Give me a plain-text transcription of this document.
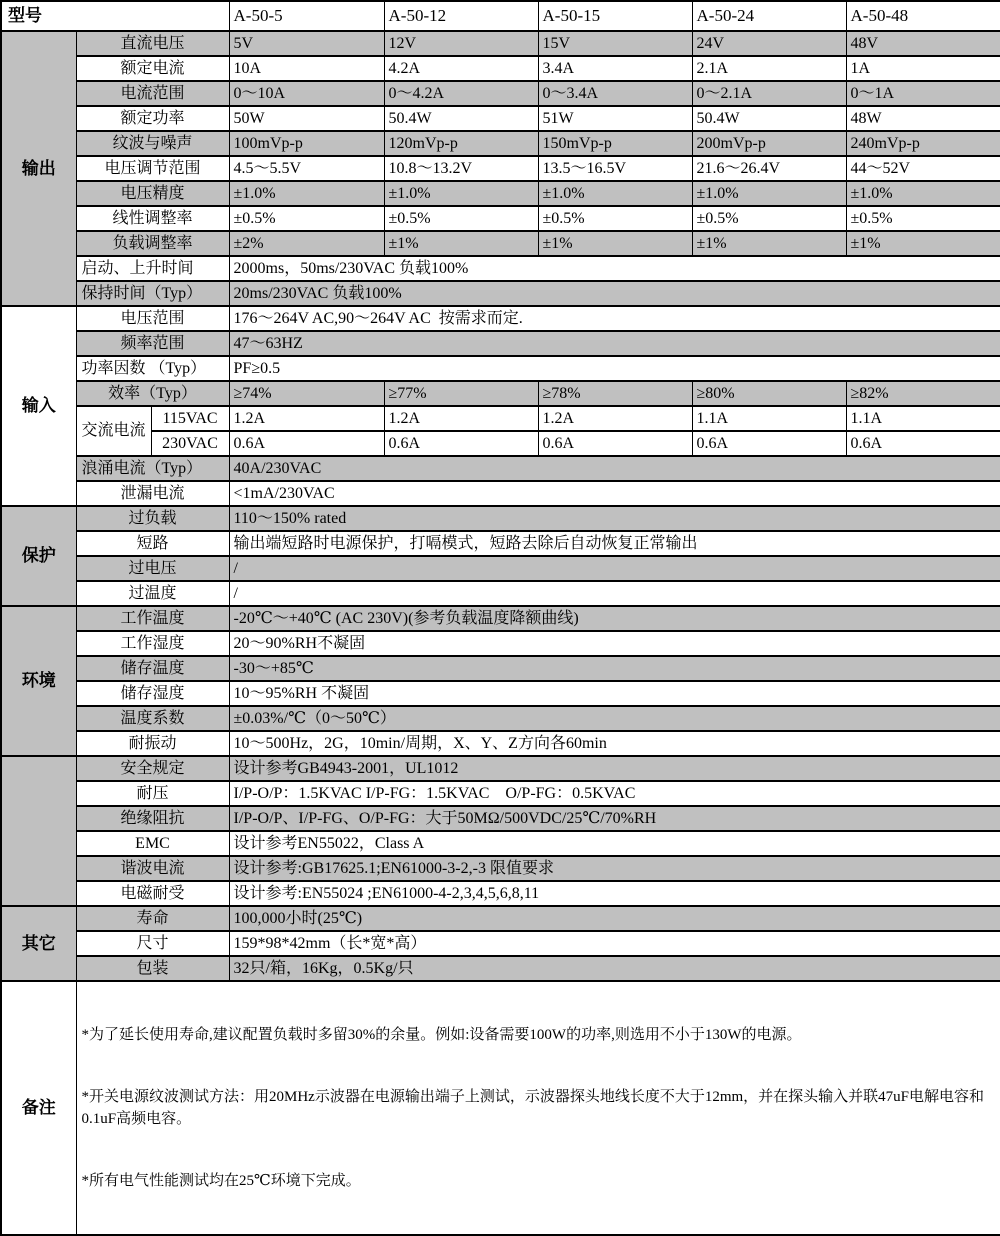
型号			A-50-5	A-50-12	A-50-15	A-50-24	A-50-48
输出	直流电压		5V	12V	15V	24V	48V
	额定电流		10A	4.2A	3.4A	2.1A	1A
	电流范围		0～10A	0～4.2A	0～3.4A	0～2.1A	0～1A
	额定功率		50W	50.4W	51W	50.4W	48W
	纹波与噪声		100mVp-p	120mVp-p	150mVp-p	200mVp-p	240mVp-p
	电压调节范围		4.5～5.5V	10.8～13.2V	13.5～16.5V	21.6～26.4V	44～52V
	电压精度		±1.0%	±1.0%	±1.0%	±1.0%	±1.0%
	线性调整率		±0.5%	±0.5%	±0.5%	±0.5%	±0.5%
	负载调整率		±2%	±1%	±1%	±1%	±1%
	启动、上升时间		2000ms，50ms/230VAC 负载100%				
	保持时间（Typ）		20ms/230VAC 负载100%				
输入	电压范围		176～264V AC,90～264V AC  按需求而定.				
	频率范围		47～63HZ				
	功率因数 （Typ）		PF≥0.5				
	效率（Typ）		≥74%	≥77%	≥78%	≥80%	≥82%
	交流电流	115VAC	1.2A	1.2A	1.2A	1.1A	1.1A
		230VAC	0.6A	0.6A	0.6A	0.6A	0.6A
	浪涌电流（Typ）		40A/230VAC				
	泄漏电流		<1mA/230VAC				
保护	过负载		110～150% rated				
	短路		输出端短路时电源保护，打嗝模式，短路去除后自动恢复正常输出				
	过电压		/				
	过温度		/				
环境	工作温度		-20℃～+40℃ (AC 230V)(参考负载温度降额曲线)				
	工作湿度		20～90%RH不凝固				
	储存温度		-30～+85℃				
	储存湿度		10～95%RH 不凝固				
	温度系数		±0.03%/℃（0～50℃）				
	耐振动		10～500Hz，2G，10min/周期，X、Y、Z方向各60min				
	安全规定		设计参考GB4943-2001，UL1012				
	耐压		I/P-O/P：1.5KVAC I/P-FG：1.5KVAC    O/P-FG：0.5KVAC				
	绝缘阻抗		I/P-O/P、I/P-FG、O/P-FG：大于50MΩ/500VDC/25℃/70%RH				
	EMC		设计参考EN55022，Class A				
	谐波电流		设计参考:GB17625.1;EN61000-3-2,-3 限值要求				
	电磁耐受		设计参考:EN55024 ;EN61000-4-2,3,4,5,6,8,11				
其它	寿命		100,000小时(25℃)				
	尺寸		159*98*42mm（长*宽*高）				
	包装		32只/箱，16Kg，0.5Kg/只				
备注	*为了延长使用寿命,建议配置负载时多留30%的余量。例如:设备需要100W的功率,则选用不小于130W的电源。

*开关电源纹波测试方法：用20MHz示波器在电源输出端子上测试，示波器探头地线长度不大于12mm，并在探头输入并联47uF电解电容和0.1uF高频电容。

*所有电气性能测试均在25℃环境下完成。						
